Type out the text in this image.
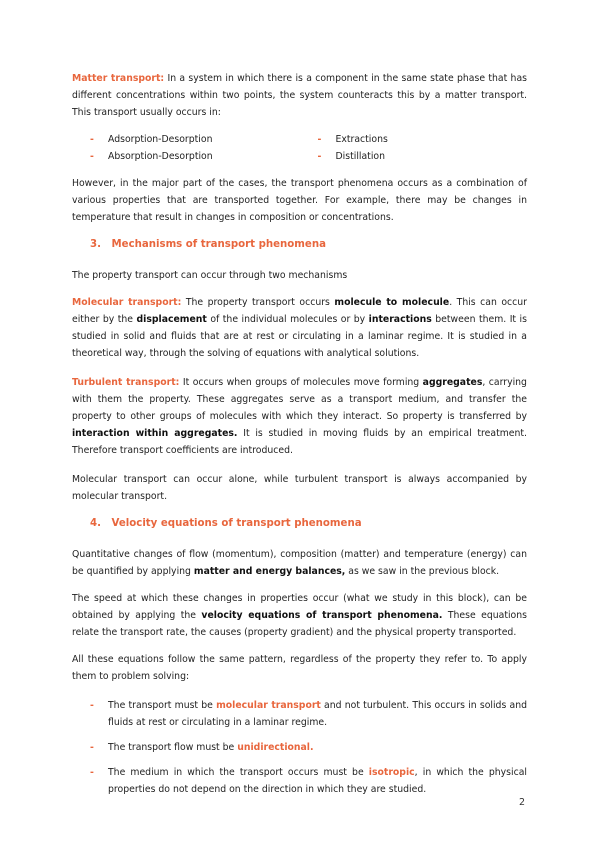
Matter transport: In a system in which there is a component in the same state phase that has different concentrations within two points, the system counteracts this by a matter transport. This transport usually occurs in:

-	Adsorption-Desorption
-	Absorption-Desorption
-	Extractions
-	Distillation

However, in the major part of the cases, the transport phenomena occurs as a combination of various properties that are transported together. For example, there may be changes in temperature that result in changes in composition or concentrations.

3. Mechanisms of transport phenomena

The property transport can occur through two mechanisms

Molecular transport: The property transport occurs molecule to molecule. This can occur either by the displacement of the individual molecules or by interactions between them. It is studied in solid and fluids that are at rest or circulating in a laminar regime. It is studied in a theoretical way, through the solving of equations with analytical solutions.

Turbulent transport: It occurs when groups of molecules move forming aggregates, carrying with them the property. These aggregates serve as a transport medium, and transfer the property to other groups of molecules with which they interact. So property is transferred by interaction within aggregates. It is studied in moving fluids by an empirical treatment. Therefore transport coefficients are introduced.

Molecular transport can occur alone, while turbulent transport is always accompanied by molecular transport.

4. Velocity equations of transport phenomena

Quantitative changes of flow (momentum), composition (matter) and temperature (energy) can be quantified by applying matter and energy balances, as we saw in the previous block.

The speed at which these changes in properties occur (what we study in this block), can be obtained by applying the velocity equations of transport phenomena. These equations relate the transport rate, the causes (property gradient) and the physical property transported.

All these equations follow the same pattern, regardless of the property they refer to. To apply them to problem solving:

-	The transport must be molecular transport and not turbulent. This occurs in solids and fluids at rest or circulating in a laminar regime.
-	The transport flow must be unidirectional.
-	The medium in which the transport occurs must be isotropic, in which the physical properties do not depend on the direction in which they are studied.
2
